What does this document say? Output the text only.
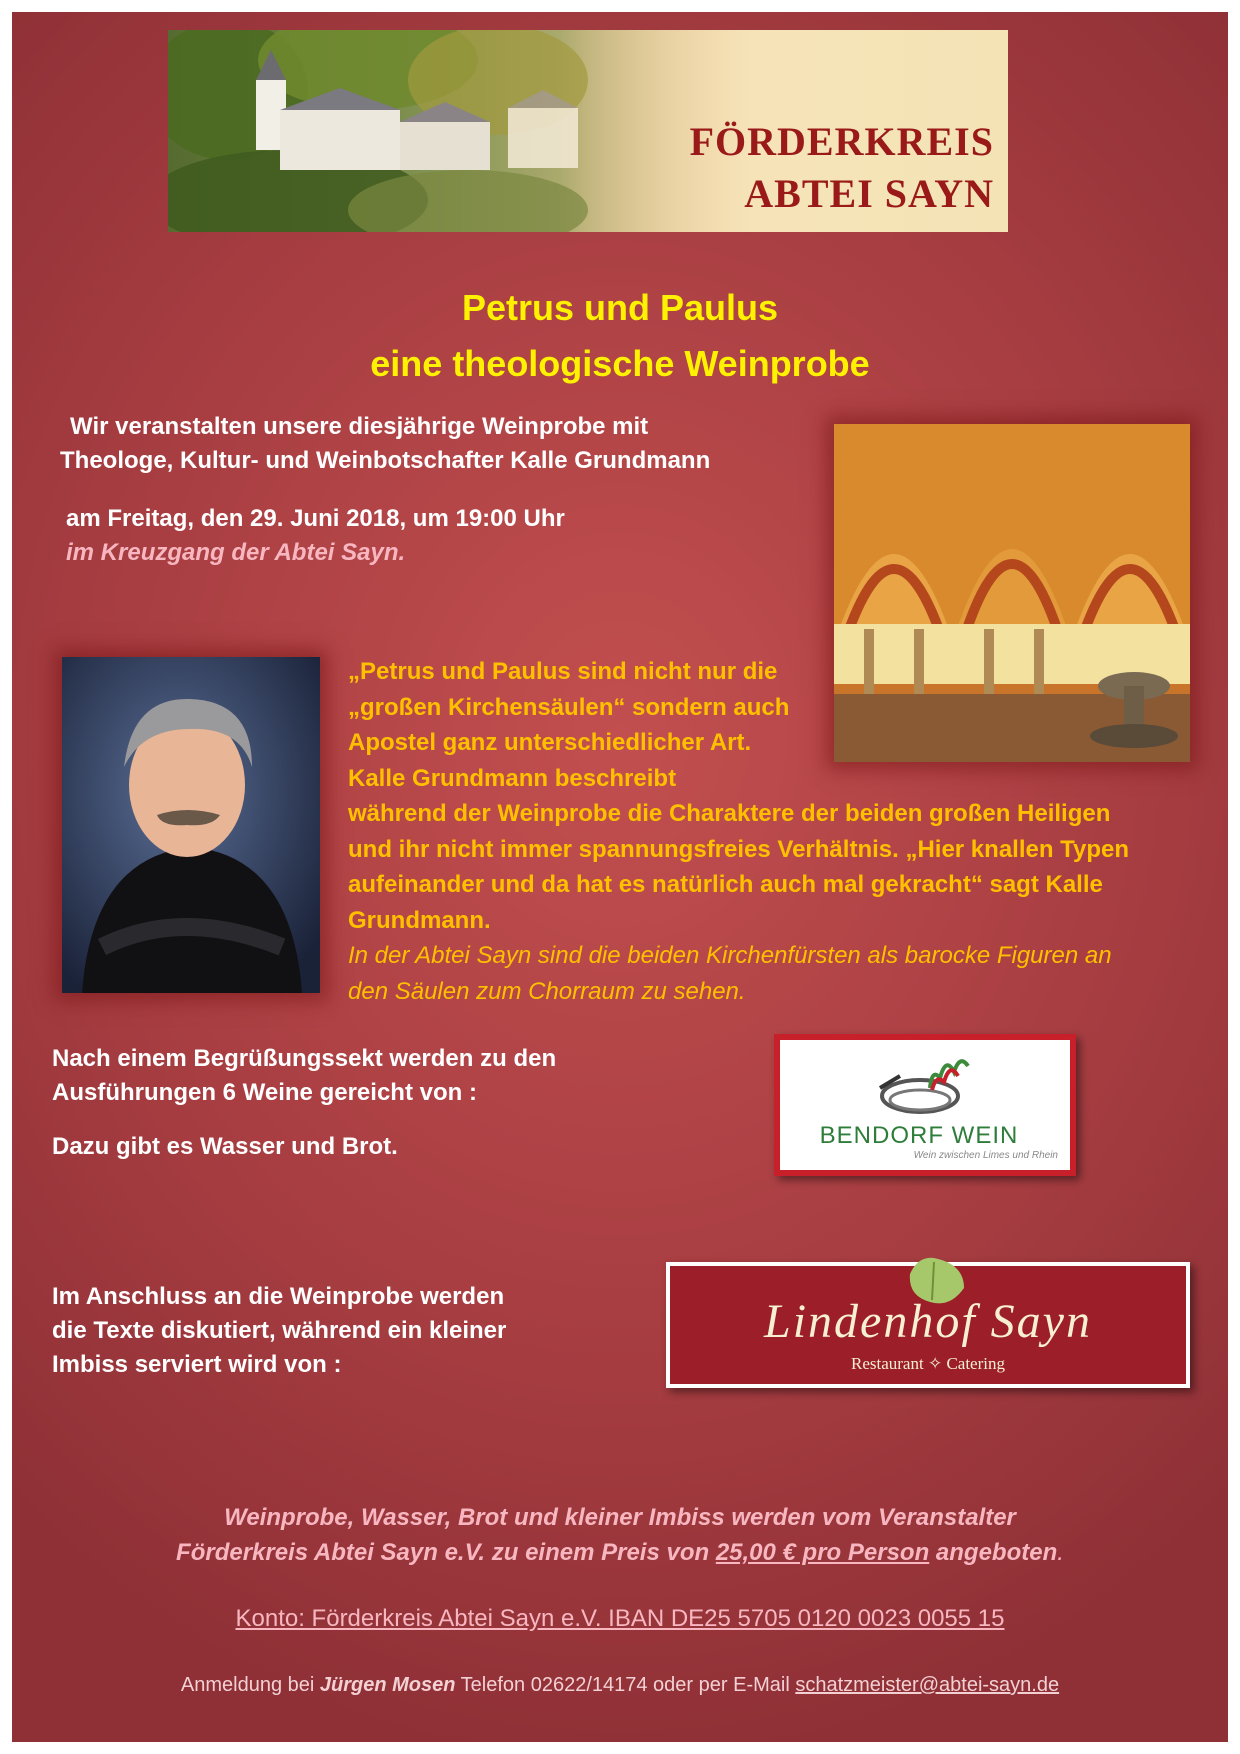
FÖRDERKREIS
ABTEI SAYN
Petrus und Paulus
eine theologische Weinprobe

Wir veranstalten unsere diesjährige Weinprobe mit
Theologe, Kultur- und Weinbotschafter Kalle Grundmann

am Freitag, den 29. Juni 2018, um 19:00 Uhr

im Kreuzgang der Abtei Sayn.

„Petrus und Paulus sind nicht nur die

„großen Kirchensäulen“ sondern auch

Apostel ganz unterschiedlicher Art.

Kalle Grundmann beschreibt

während der Weinprobe die Charaktere der beiden großen Heiligen

und ihr nicht immer spannungsfreies Verhältnis. „Hier knallen Typen

aufeinander und da hat es natürlich auch mal gekracht“ sagt Kalle

Grundmann.

In der Abtei Sayn sind die beiden Kirchenfürsten als barocke Figuren an

den Säulen zum Chorraum zu sehen.

Nach einem Begrüßungssekt werden zu den

Ausführungen 6 Weine gereicht von :

Dazu gibt es Wasser und Brot.	BENDORF WEIN
Wein zwischen Limes und Rhein

Im Anschluss an die Weinprobe werden

die Texte diskutiert, während ein kleiner

Imbiss serviert wird von :

Lindenhof Sayn
Restaurant ✧ Catering

Weinprobe, Wasser, Brot und kleiner Imbiss werden vom Veranstalter

Förderkreis Abtei Sayn e.V. zu einem Preis von 25,00 € pro Person angeboten.

Konto: Förderkreis Abtei Sayn e.V. IBAN DE25 5705 0120 0023 0055 15
Anmeldung bei Jürgen Mosen Telefon 02622/14174 oder per E-Mail schatzmeister@abtei-sayn.de
